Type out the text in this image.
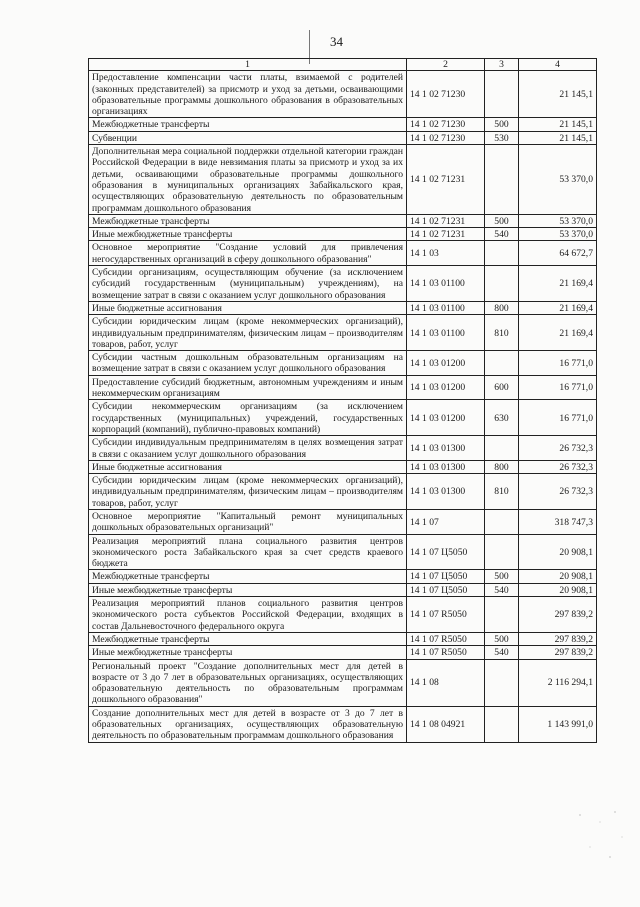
34
1	2	3	4
Предоставление компенсации части платы, взимаемой с родителей (законных представителей) за присмотр и уход за детьми, осваивающими образовательные программы дошкольного образования в образовательных организациях	14 1 02 71230		21 145,1
Межбюджетные трансферты	14 1 02 71230	500	21 145,1
Субвенции	14 1 02 71230	530	21 145,1
Дополнительная мера социальной поддержки отдельной категории граждан Российской Федерации в виде невзимания платы за присмотр и уход за их детьми, осваивающими образовательные программы дошкольного образования в муниципальных организациях Забайкальского края, осуществляющих образовательную деятельность по образовательным программам дошкольного образования	14 1 02 71231		53 370,0
Межбюджетные трансферты	14 1 02 71231	500	53 370,0
Иные межбюджетные трансферты	14 1 02 71231	540	53 370,0
Основное мероприятие "Создание условий для привлечения негосударственных организаций в сферу дошкольного образования"	14 1 03		64 672,7
Субсидии организациям, осуществляющим обучение (за исключением субсидий государственным (муниципальным) учреждениям), на возмещение затрат в связи с оказанием услуг дошкольного образования	14 1 03 01100		21 169,4
Иные бюджетные ассигнования	14 1 03 01100	800	21 169,4
Субсидии юридическим лицам (кроме некоммерческих организаций), индивидуальным предпринимателям, физическим лицам – производителям товаров, работ, услуг	14 1 03 01100	810	21 169,4
Субсидии частным дошкольным образовательным организациям на возмещение затрат в связи с оказанием услуг дошкольного образования	14 1 03 01200		16 771,0
Предоставление субсидий бюджетным, автономным учреждениям и иным некоммерческим организациям	14 1 03 01200	600	16 771,0
Субсидии некоммерческим организациям (за исключением государственных (муниципальных) учреждений, государственных корпораций (компаний), публично-правовых компаний)	14 1 03 01200	630	16 771,0
Субсидии индивидуальным предпринимателям в целях возмещения затрат в связи с оказанием услуг дошкольного образования	14 1 03 01300		26 732,3
Иные бюджетные ассигнования	14 1 03 01300	800	26 732,3
Субсидии юридическим лицам (кроме некоммерческих организаций), индивидуальным предпринимателям, физическим лицам – производителям товаров, работ, услуг	14 1 03 01300	810	26 732,3
Основное мероприятие "Капитальный ремонт муниципальных дошкольных образовательных организаций"	14 1 07		318 747,3
Реализация мероприятий плана социального развития центров экономического роста Забайкальского края за счет средств краевого бюджета	14 1 07 Ц5050		20 908,1
Межбюджетные трансферты	14 1 07 Ц5050	500	20 908,1
Иные межбюджетные трансферты	14 1 07 Ц5050	540	20 908,1
Реализация мероприятий планов социального развития центров экономического роста субъектов Российской Федерации, входящих в состав Дальневосточного федерального округа	14 1 07 R5050		297 839,2
Межбюджетные трансферты	14 1 07 R5050	500	297 839,2
Иные межбюджетные трансферты	14 1 07 R5050	540	297 839,2
Региональный проект "Создание дополнительных мест для детей в возрасте от 3 до 7 лет в образовательных организациях, осуществляющих образовательную деятельность по образовательным программам дошкольного образования"	14 1 08		2 116 294,1
Создание дополнительных мест для детей в возрасте от 3 до 7 лет в образовательных организациях, осуществляющих образовательную деятельность по образовательным программам дошкольного образования	14 1 08 04921		1 143 991,0
